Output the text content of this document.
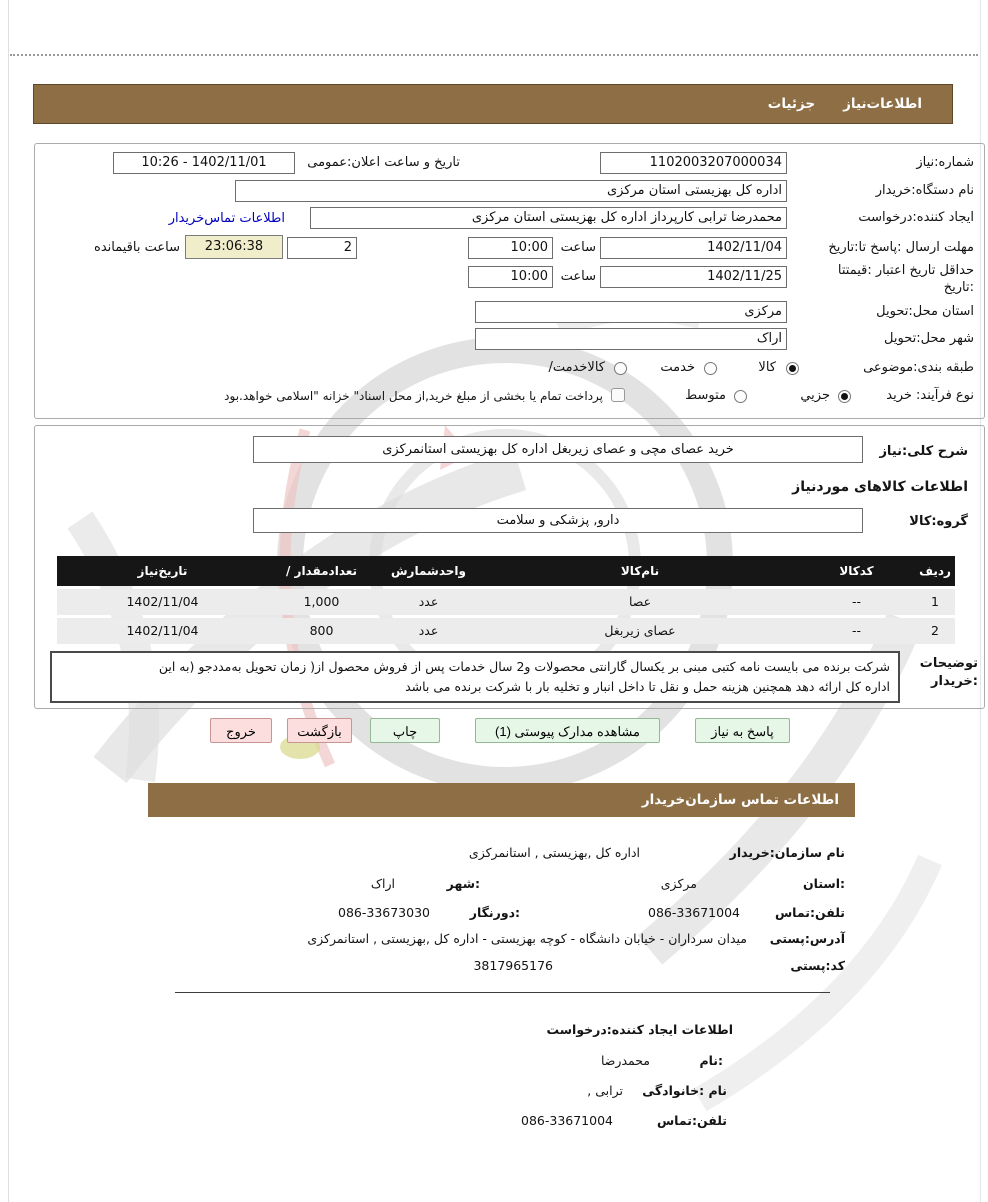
اطلاعات‌نیازجزئیات
شماره:نیاز
1102003207000034
تاریخ و ساعت اعلان:عمومی
1402/11/01 - 10:26
نام دستگاه:خریدار
اداره کل بهزیستی استان مرکزی
ایجاد کننده:درخواست
محمدرضا ترابی کارپرداز اداره کل بهزیستی استان مرکزی
اطلاعات تماس‌خریدار
مهلت ارسال :پاسخ تا:تاریخ
1402/11/04
ساعت
10:00
2
23:06:38
ساعت باقیمانده
حداقل تاریخ اعتبار :قیمتتا
:تاریخ
1402/11/25
ساعت
10:00
استان محل:تحویل
مرکزی
شهر محل:تحویل
اراک
طبقه بندی:موضوعی
کالا
خدمت
کالاخدمت/
نوع فرآیند: خرید
جزیي
متوسط
پرداخت تمام یا بخشی از مبلغ خرید,از محل اسناد" خزانه "اسلامی خواهد.بود
شرح کلی:نیاز
خرید عصای مچی و عصای زیربغل اداره کل بهزیستی استانمرکزی
اطلاعات کالاهای موردنیاز
گروه:کالا
دارو, پزشکی و سلامت
ردیف
کدکالا
نام‌کالا
واحدشمارش
تعدادمقدار /
تاریخ‌نیاز
1
--
عصا
عدد
1,000
1402/11/04
2
--
عصای زیربغل
عدد
800
1402/11/04
توضیحات
:خریدار
شرکت برنده می بایست نامه کتبی مبنی بر یکسال گارانتی محصولات و2 سال خدمات پس از فروش محصول از( زمان تحویل به‌مددجو (به این
اداره کل ارائه دهد همچنین هزینه حمل و نقل تا داخل انبار و تخلیه بار با شرکت برنده می باشد
پاسخ به نیاز
مشاهده مدارک پیوستی (1)
چاپ
بازگشت
خروج
اطلاعات تماس سازمان‌خریدار
نام سازمان:خریدار
اداره کل ,بهزیستی , استانمرکزی
:استان
مرکزی
:شهر
اراک
تلفن:تماس
086-33671004
:دورنگار
086-33673030
آدرس:پستی
میدان سرداران - خیابان دانشگاه - کوچه بهزیستی - اداره کل ,بهزیستی , استانمرکزی
کد:پستی
3817965176
اطلاعات ایجاد کننده:درخواست
:نام
محمدرضا
نام :خانوادگی
ترابی ,
تلفن:تماس
086-33671004
